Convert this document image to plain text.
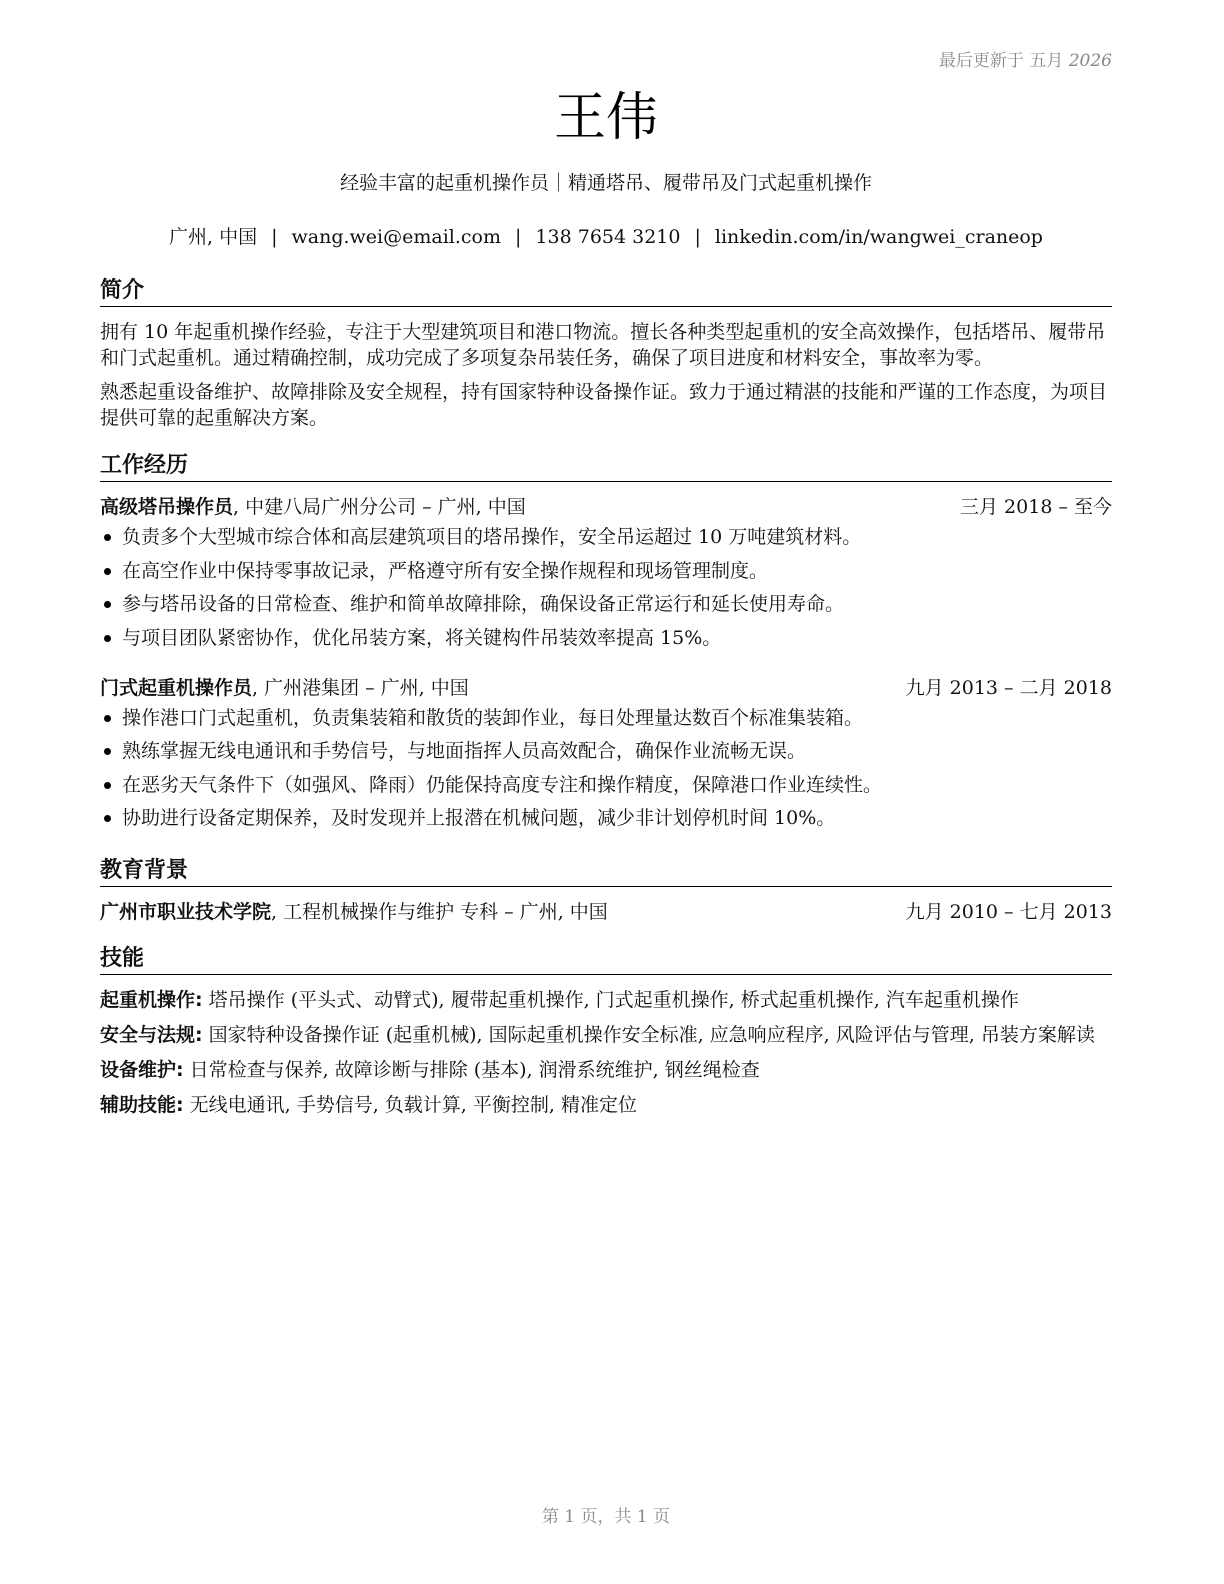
最后更新于 五月 2026
王伟
经验丰富的起重机操作员｜精通塔吊、履带吊及门式起重机操作
广州, 中国 | wang.wei@email.com | 138 7654 3210 | linkedin.com/in/wangwei_craneop
简介

拥有 10 年起重机操作经验，专注于大型建筑项目和港口物流。擅长各种类型起重机的安全高效操作，包括塔吊、履带吊和门式起重机。通过精确控制，成功完成了多项复杂吊装任务，确保了项目进度和材料安全，事故率为零。

熟悉起重设备维护、故障排除及安全规程，持有国家特种设备操作证。致力于通过精湛的技能和严谨的工作态度，为项目提供可靠的起重解决方案。

工作经历
高级塔吊操作员, 中建八局广州分公司 – 广州, 中国	三月 2018 – 至今
负责多个大型城市综合体和高层建筑项目的塔吊操作，安全吊运超过 10 万吨建筑材料。
在高空作业中保持零事故记录，严格遵守所有安全操作规程和现场管理制度。
参与塔吊设备的日常检查、维护和简单故障排除，确保设备正常运行和延长使用寿命。
与项目团队紧密协作，优化吊装方案，将关键构件吊装效率提高 15%。
门式起重机操作员, 广州港集团 – 广州, 中国	九月 2013 – 二月 2018
操作港口门式起重机，负责集装箱和散货的装卸作业，每日处理量达数百个标准集装箱。
熟练掌握无线电通讯和手势信号，与地面指挥人员高效配合，确保作业流畅无误。
在恶劣天气条件下（如强风、降雨）仍能保持高度专注和操作精度，保障港口作业连续性。
协助进行设备定期保养，及时发现并上报潜在机械问题，减少非计划停机时间 10%。
教育背景
广州市职业技术学院, 工程机械操作与维护 专科 – 广州, 中国	九月 2010 – 七月 2013
技能
起重机操作: 塔吊操作 (平头式、动臂式), 履带起重机操作, 门式起重机操作, 桥式起重机操作, 汽车起重机操作
安全与法规: 国家特种设备操作证 (起重机械), 国际起重机操作安全标准, 应急响应程序, 风险评估与管理, 吊装方案解读
设备维护: 日常检查与保养, 故障诊断与排除 (基本), 润滑系统维护, 钢丝绳检查
辅助技能: 无线电通讯, 手势信号, 负载计算, 平衡控制, 精准定位
第 1 页，共 1 页
